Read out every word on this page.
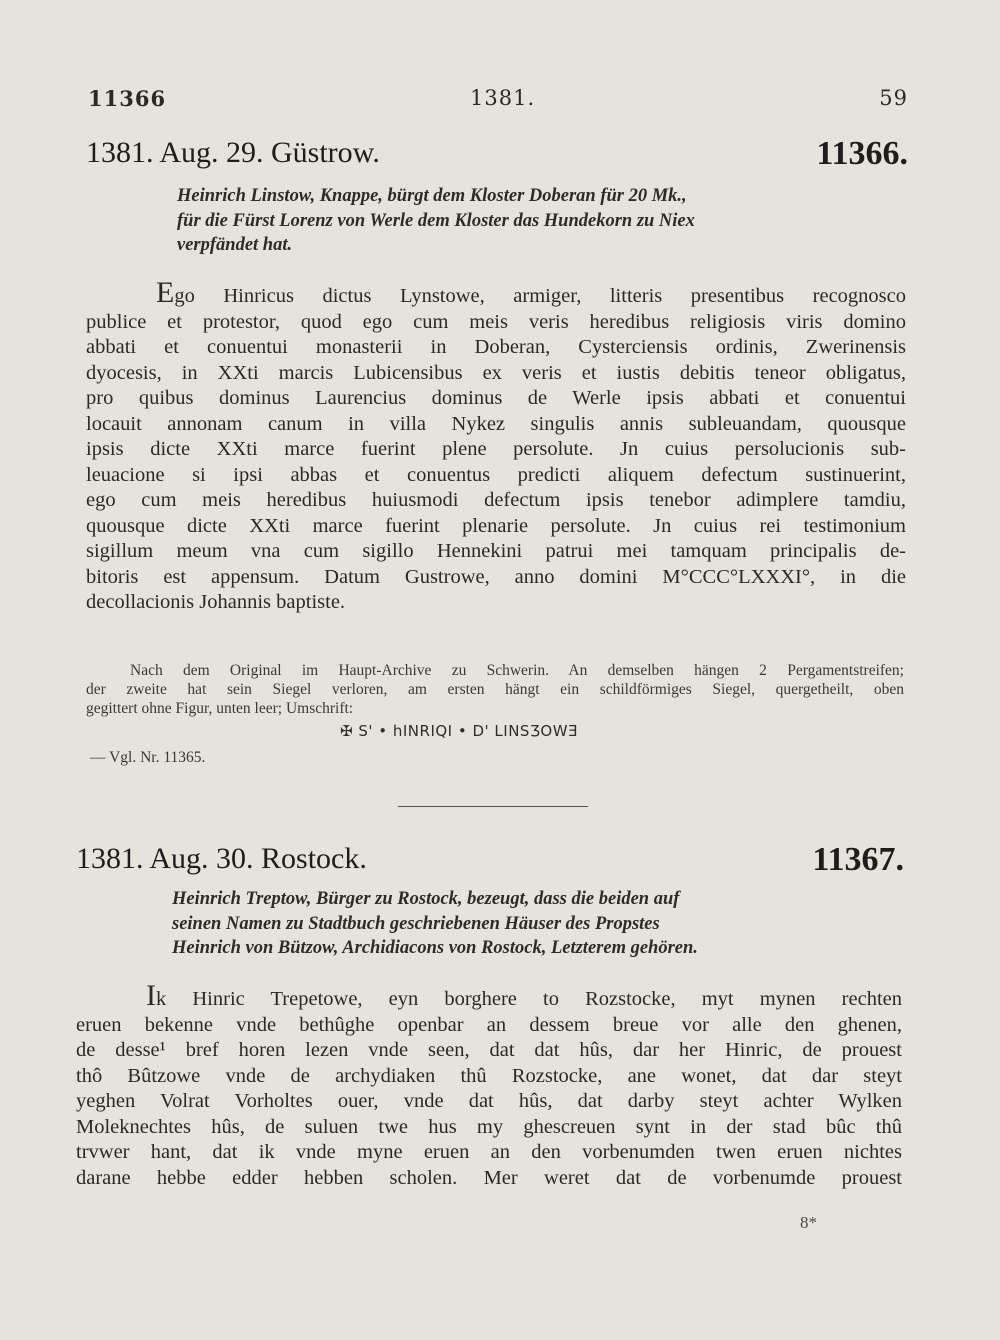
11366	1381.	59
1381. Aug. 29. Güstrow.	11366.
Heinrich Linstow, Knappe, bürgt dem Kloster Doberan für 20 Mk.,
für die Fürst Lorenz von Werle dem Kloster das Hundekorn zu Niex
verpfändet hat.
Ego Hinricus dictus Lynstowe, armiger, litteris presentibus recognosco
publice et protestor, quod ego cum meis veris heredibus religiosis viris domino
abbati et conuentui monasterii in Doberan, Cysterciensis ordinis, Zwerinensis
dyocesis, in XXti marcis Lubicensibus ex veris et iustis debitis teneor obligatus,
pro quibus dominus Laurencius dominus de Werle ipsis abbati et conuentui
locauit annonam canum in villa Nykez singulis annis subleuandam, quousque
ipsis dicte XXti marce fuerint plene persolute. Jn cuius persolucionis sub-
leuacione si ipsi abbas et conuentus predicti aliquem defectum sustinuerint,
ego cum meis heredibus huiusmodi defectum ipsis tenebor adimplere tamdiu,
quousque dicte XXti marce fuerint plenarie persolute. Jn cuius rei testimonium
sigillum meum vna cum sigillo Hennekini patrui mei tamquam principalis de-
bitoris est appensum. Datum Gustrowe, anno domini M°CCC°LXXXI°, in die
decollacionis Johannis baptiste.
Nach dem Original im Haupt-Archive zu Schwerin. An demselben hängen 2 Pergamentstreifen;
der zweite hat sein Siegel verloren, am ersten hängt ein schildförmiges Siegel, quergetheilt, oben
gegittert ohne Figur, unten leer; Umschrift:
✠ S' • hINRIQI • D' LINSƷOWƎ
— Vgl. Nr. 11365.
1381. Aug. 30. Rostock.	11367.
Heinrich Treptow, Bürger zu Rostock, bezeugt, dass die beiden auf
seinen Namen zu Stadtbuch geschriebenen Häuser des Propstes
Heinrich von Bützow, Archidiacons von Rostock, Letzterem gehören.
Ik Hinric Trepetowe, eyn borghere to Rozstocke, myt mynen rechten
eruen bekenne vnde bethûghe openbar an dessem breue vor alle den ghenen,
de desse¹ bref horen lezen vnde seen, dat dat hûs, dar her Hinric, de prouest
thô Bûtzowe vnde de archydiaken thû Rozstocke, ane wonet, dat dar steyt
yeghen Volrat Vorholtes ouer, vnde dat hûs, dat darby steyt achter Wylken
Moleknechtes hûs, de suluen twe hus my ghescreuen synt in der stad bûc thû
trvwer hant, dat ik vnde myne eruen an den vorbenumden twen eruen nichtes
darane hebbe edder hebben scholen. Mer weret dat de vorbenumde prouest
8*
